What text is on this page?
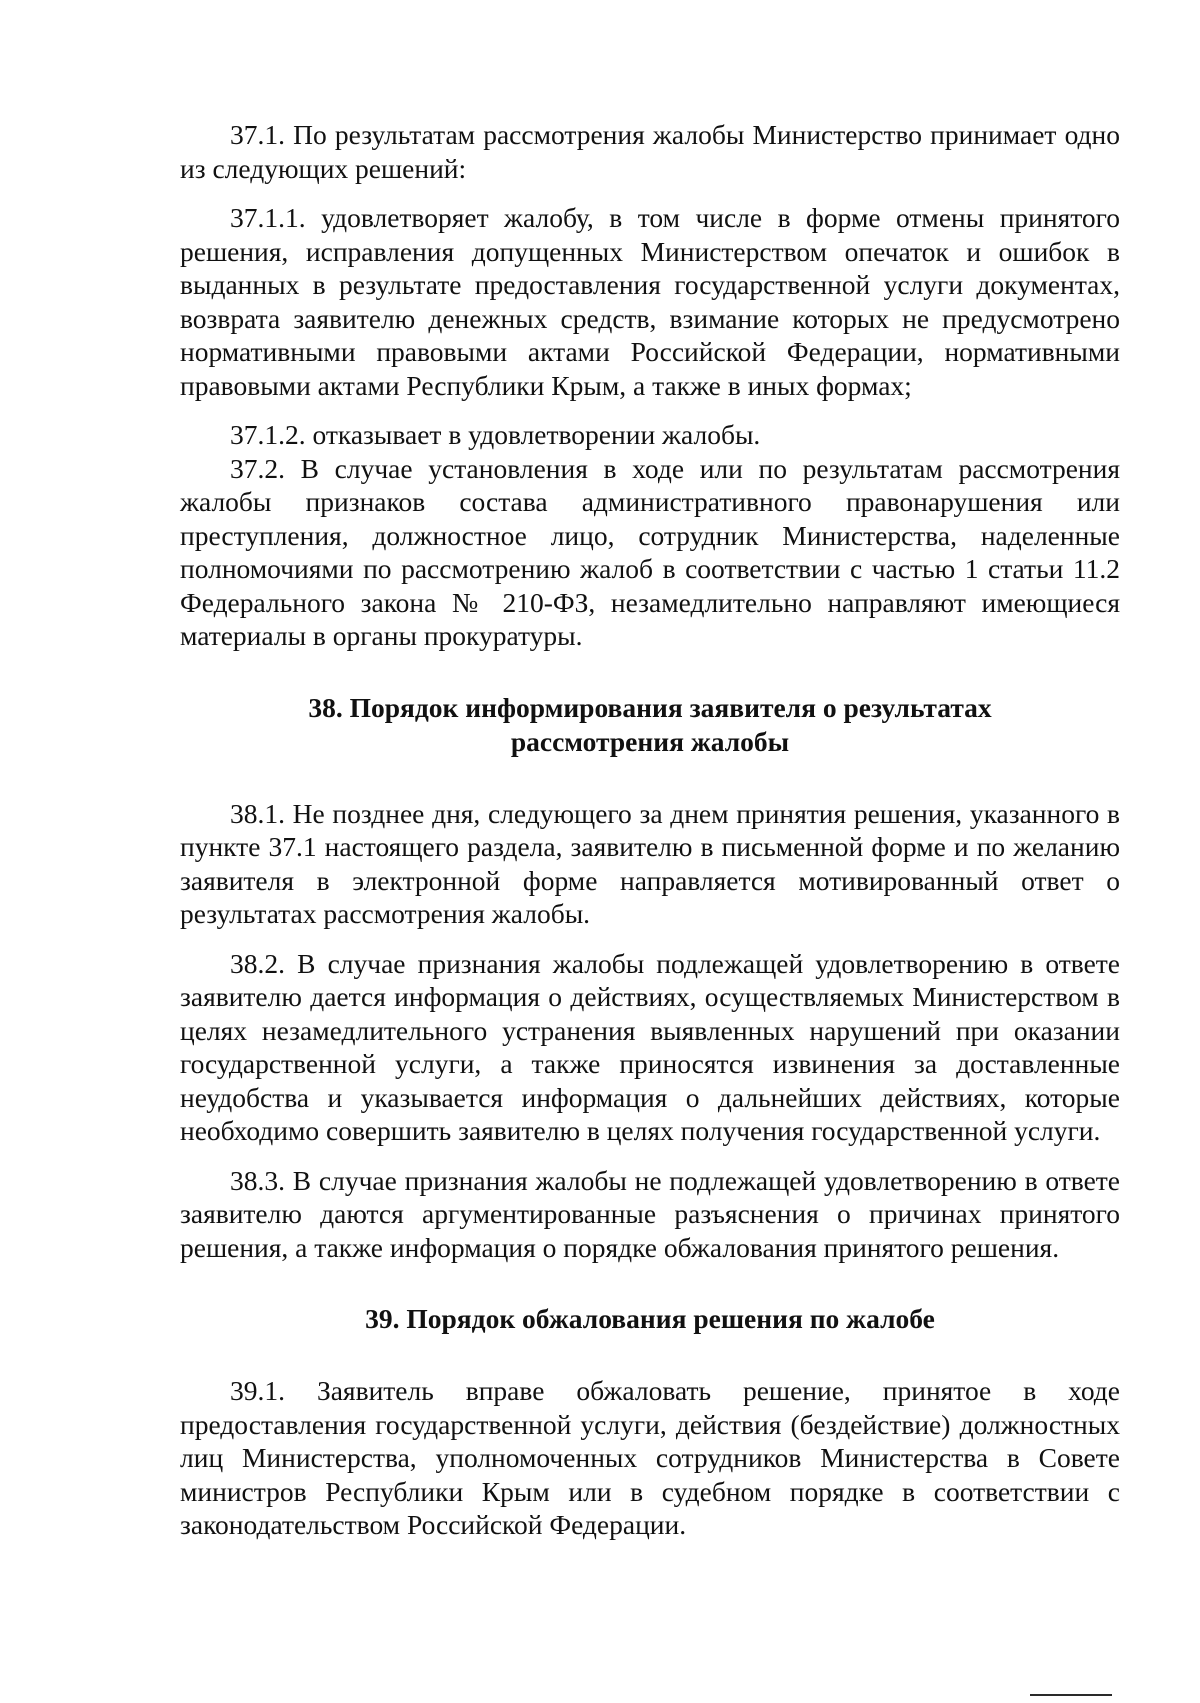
37.1. По результатам рассмотрения жалобы Министерство принимает одно из следующих решений:

37.1.1. удовлетворяет жалобу, в том числе в форме отмены принятого решения, исправления допущенных Министерством опечаток и ошибок в выданных в результате предоставления государственной услуги документах, возврата заявителю денежных средств, взимание которых не предусмотрено нормативными правовыми актами Российской Федерации, нормативными правовыми актами Республики Крым, а также в иных формах;

37.1.2. отказывает в удовлетворении жалобы.

37.2. В случае установления в ходе или по результатам рассмотрения жалобы признаков состава административного правонарушения или преступления, должностное лицо, сотрудник Министерства, наделенные полномочиями по рассмотрению жалоб в соответствии с частью 1 статьи 11.2 Федерального закона № 210-ФЗ, незамедлительно направляют имеющиеся материалы в органы прокуратуры.

38. Порядок информирования заявителя о результатах
рассмотрения жалобы

38.1. Не позднее дня, следующего за днем принятия решения, указанного в пункте 37.1 настоящего раздела, заявителю в письменной форме и по желанию заявителя в электронной форме направляется мотивированный ответ о результатах рассмотрения жалобы.

38.2. В случае признания жалобы подлежащей удовлетворению в ответе заявителю дается информация о действиях, осуществляемых Министерством в целях незамедлительного устранения выявленных нарушений при оказании государственной услуги, а также приносятся извинения за доставленные неудобства и указывается информация о дальнейших действиях, которые необходимо совершить заявителю в целях получения государственной услуги.

38.3. В случае признания жалобы не подлежащей удовлетворению в ответе заявителю даются аргументированные разъяснения о причинах принятого решения, а также информация о порядке обжалования принятого решения.

39. Порядок обжалования решения по жалобе

39.1. Заявитель вправе обжаловать решение, принятое в ходе предоставления государственной услуги, действия (бездействие) должностных лиц Министерства, уполномоченных сотрудников Министерства в Совете министров Республики Крым или в судебном порядке в соответствии с законодательством Российской Федерации.
